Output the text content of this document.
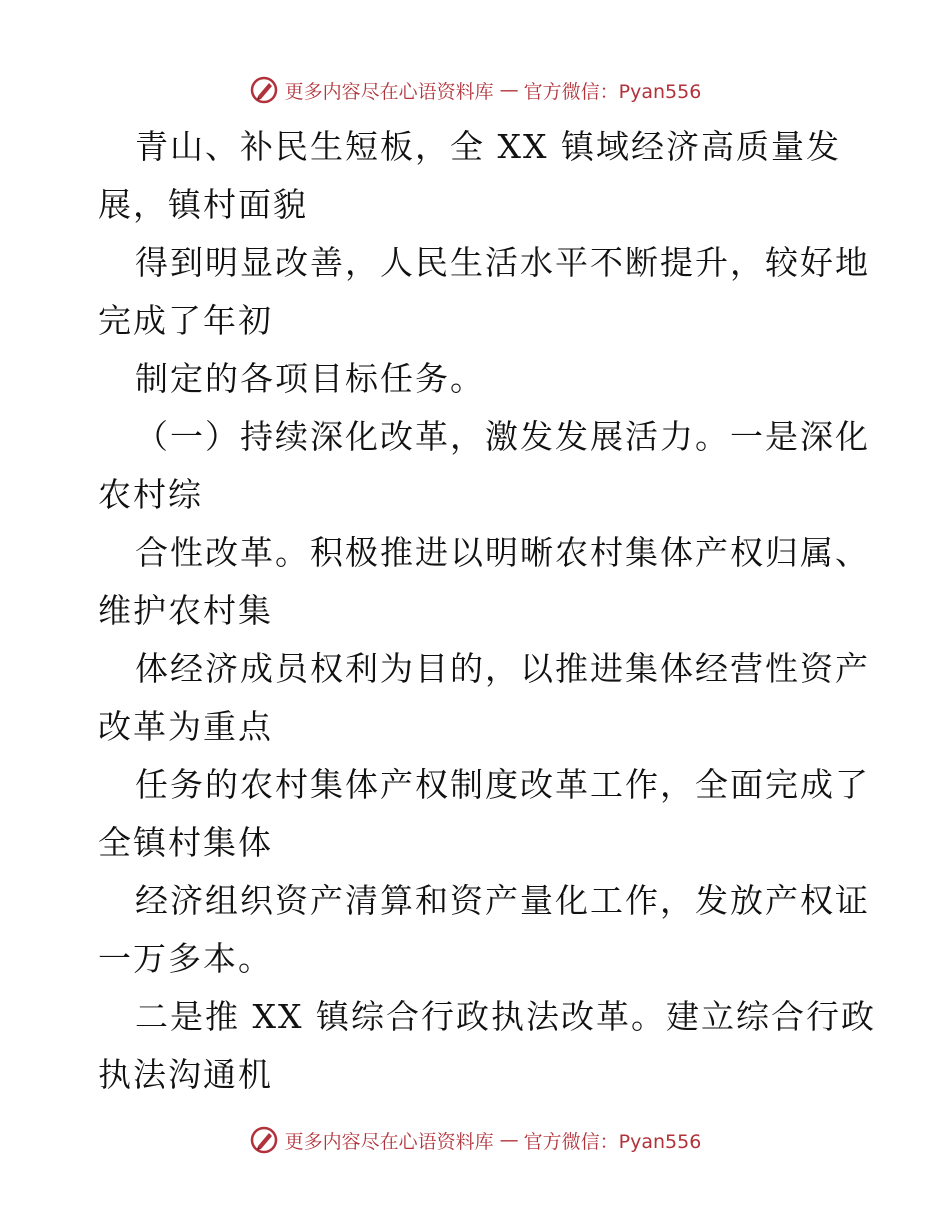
更多内容尽在心语资料库 — 官方微信：Pyan556

青山、补民生短板，全 XX 镇域经济高质量发
展，镇村面貌

得到明显改善，人民生活水平不断提升，较好地
完成了年初

制定的各项目标任务。

（一）持续深化改革，激发发展活力。一是深化
农村综

合性改革。积极推进以明晰农村集体产权归属、
维护农村集

体经济成员权利为目的，以推进集体经营性资产
改革为重点

任务的农村集体产权制度改革工作，全面完成了
全镇村集体

经济组织资产清算和资产量化工作，发放产权证
一万多本。

二是推 XX 镇综合行政执法改革。建立综合行政
执法沟通机

更多内容尽在心语资料库 — 官方微信：Pyan556
